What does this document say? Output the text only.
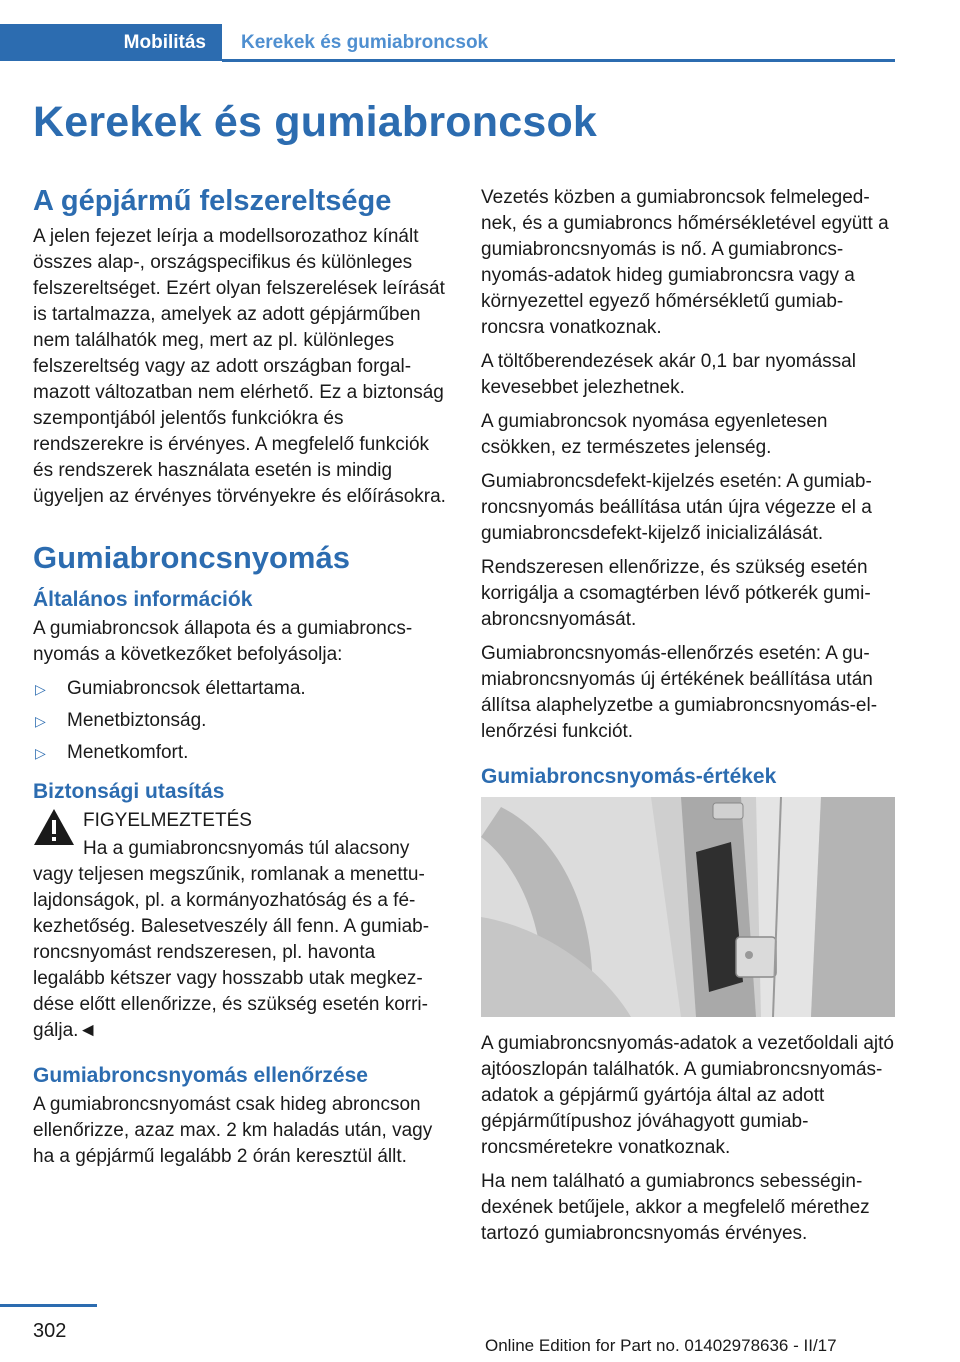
Mobilitás	Kerekek és gumiabroncsok
Kerekek és gumiabroncsok
A gépjármű felszereltsége

A jelen fejezet leírja a modellsorozathoz kínált összes alap-, országspecifikus és különleges felszereltséget. Ezért olyan felszerelések leírását is tartalmazza, amelyek az adott gépjárműben nem találhatók meg, mert az pl. különleges felszereltség vagy az adott országban forgalmazott változatban nem elérhető. Ez a biztonság szempontjából jelentős funkciókra és rendszerekre is érvényes. A megfelelő funkciók és rendszerek használata esetén is mindig ügyeljen az érvényes törvényekre és előírásokra.

Gumiabroncsnyomás
Általános információk

A gumiabroncsok állapota és a gumiabroncsnyomás a következőket befolyásolja:

▷ Gumiabroncsok élettartama.
▷ Menetbiztonság.
▷ Menetkomfort.
Biztonsági utasítás
FIGYELMEZTETÉS

Ha a gumiabroncsnyomás túl alacsony

vagy teljesen megszűnik, romlanak a menettulajdonságok, pl. a kormányozhatóság és a fékezhetőség. Balesetveszély áll fenn. A gumiabroncsnyomást rendszeresen, pl. havonta legalább kétszer vagy hosszabb utak megkezdése előtt ellenőrizze, és szükség esetén korrigálja.◄

Gumiabroncsnyomás ellenőrzése

A gumiabroncsnyomást csak hideg abroncson ellenőrizze, azaz max. 2 km haladás után, vagy ha a gépjármű legalább 2 órán keresztül állt.

Vezetés közben a gumiabroncsok felmelegednek, és a gumiabroncs hőmérsékletével együtt a gumiabroncsnyomás is nő. A gumiabroncsnyomás-adatok hideg gumiabroncsra vagy a környezettel egyező hőmérsékletű gumiabroncsra vonatkoznak.

A töltőberendezések akár 0,1 bar nyomással kevesebbet jelezhetnek.

A gumiabroncsok nyomása egyenletesen csökken, ez természetes jelenség.

Gumiabroncsdefekt-kijelzés esetén: A gumiabroncsnyomás beállítása után újra végezze el a gumiabroncsdefekt-kijelző inicializálását.

Rendszeresen ellenőrizze, és szükség esetén korrigálja a csomagtérben lévő pótkerék gumiabroncsnyomását.

Gumiabroncsnyomás-ellenőrzés esetén: A gumiabroncsnyomás új értékének beállítása után állítsa alaphelyzetbe a gumiabroncsnyomás-ellenőrzési funkciót.

Gumiabroncsnyomás-értékek

A gumiabroncsnyomás-adatok a vezetőoldali ajtó ajtóoszlopán találhatók. A gumiabroncsnyomás-adatok a gépjármű gyártója által az adott gépjárműtípushoz jóváhagyott gumiabroncsméretekre vonatkoznak.

Ha nem található a gumiabroncs sebességindexének betűjele, akkor a megfelelő mérethez tartozó gumiabroncsnyomás érvényes.

302
Online Edition for Part no. 01402978636 - II/17
